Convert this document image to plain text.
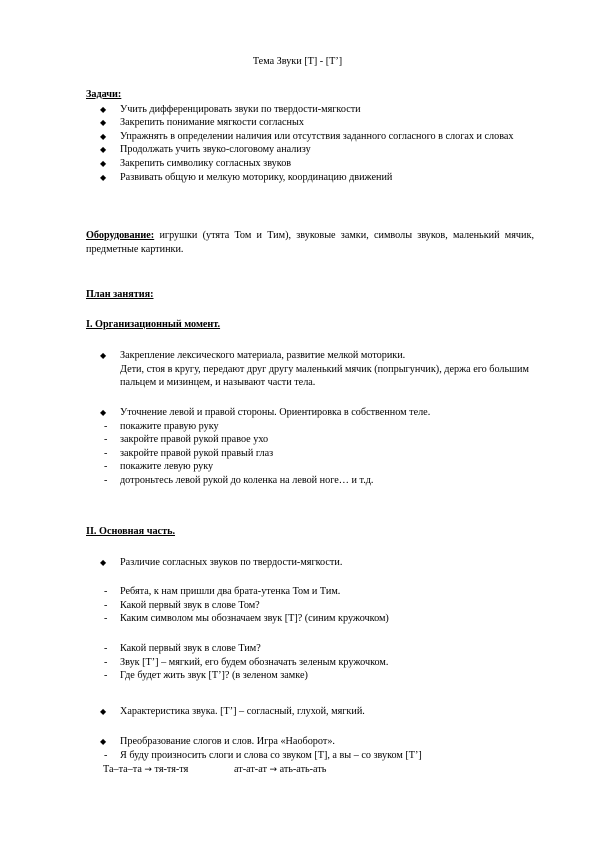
Тема Звуки [Т] - [Т’]
Задачи:
◆ Учить дифференцировать звуки по твердости-мягкости
◆ Закрепить понимание мягкости согласных
◆ Упражнять в определении наличия или отсутствия заданного согласного в слогах и словах
◆ Продолжать учить звуко-слоговому анализу
◆ Закрепить символику согласных звуков
◆ Развивать общую и мелкую моторику, координацию движений
Оборудование: игрушки (утята Том и Тим), звуковые замки, символы звуков, маленький мячик, предметные картинки.
План занятия:
I. Организационный момент.
◆ Закрепление лексического материала, развитие мелкой моторики.
Дети, стоя в кругу, передают друг другу маленький мячик (попрыгунчик), держа его большим пальцем и мизинцем, и называют части тела.
◆ Уточнение левой и правой стороны. Ориентировка в собственном теле.
- покажите правую руку
- закройте правой рукой правое ухо
- закройте правой рукой правый глаз
- покажите левую руку
- дотроньтесь левой рукой до коленка на левой ноге… и т.д.
II. Основная часть.
◆ Различие согласных звуков по твердости-мягкости.
- Ребята, к нам пришли два брата-утенка Том и Тим.
- Какой первый звук в слове Том?
- Каким символом мы обозначаем звук [Т]? (синим кружочком)
- Какой первый звук в слове Тим?
- Звук [Т’] – мягкий, его будем обозначать зеленым кружочком.
- Где будет жить звук [Т’]? (в зеленом замке)
◆ Характеристика звука. [Т’] – согласный, глухой, мягкий.
◆ Преобразование слогов и слов. Игра «Наоборот».
- Я буду произносить слоги и слова со звуком [Т], а вы – со звуком [Т’]
Та–та–та → тя-тя-тя	ат-ат-ат → ать-ать-ать
